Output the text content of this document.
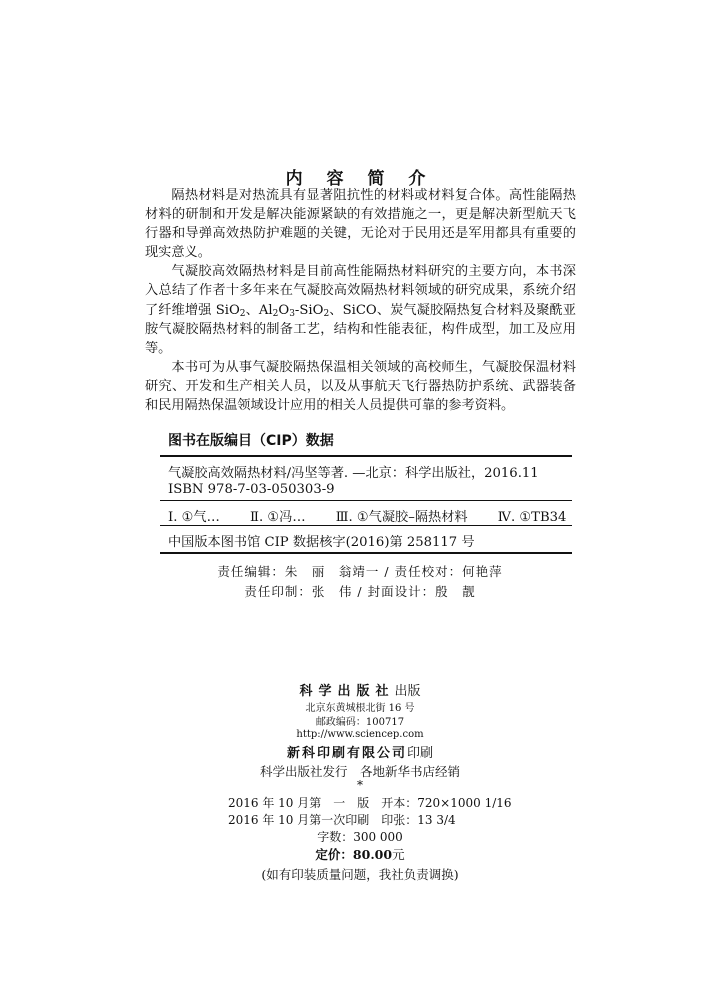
内 容 简 介

隔热材料是对热流具有显著阻抗性的材料或材料复合体。高性能隔热材料的研制和开发是解决能源紧缺的有效措施之一，更是解决新型航天飞行器和导弹高效热防护难题的关键，无论对于民用还是军用都具有重要的现实意义。

气凝胶高效隔热材料是目前高性能隔热材料研究的主要方向，本书深入总结了作者十多年来在气凝胶高效隔热材料领域的研究成果，系统介绍了纤维增强 SiO$_2$、$Al_2O_3-SiO_2$、SiCO、炭气凝胶隔热复合材料及聚酰亚胺气凝胶隔热材料的制备工艺，结构和性能表征，构件成型，加工及应用等。

本书可为从事气凝胶隔热保温相关领域的高校师生，气凝胶保温材料研究、开发和生产相关人员，以及从事航天飞行器热防护系统、武器装备和民用隔热保温领域设计应用的相关人员提供可靠的参考资料。

图书在版编目（CIP）数据
气凝胶高效隔热材料/冯坚等著. —北京：科学出版社，2016.11
ISBN 978-7-03-050303-9
Ⅰ. ①气… Ⅱ. ①冯… Ⅲ. ①气凝胶–隔热材料 Ⅳ. ①TB34
中国版本图书馆 CIP 数据核字(2016)第 258117 号
责任编辑：朱　丽　翁靖一 / 责任校对：何艳萍
责任印制：张　伟 / 封面设计：殷　靓
科学出版社出版
北京东黄城根北街 16 号
邮政编码：100717
http://www.sciencep.com
新科印刷有限公司印刷
科学出版社发行　各地新华书店经销
*
2016 年 10 月第　一　版　开本：720×1000 1/16
2016 年 10 月第一次印刷　印张：13 3/4
字数：300 000
定价：80.00元
(如有印装质量问题，我社负责调换)
